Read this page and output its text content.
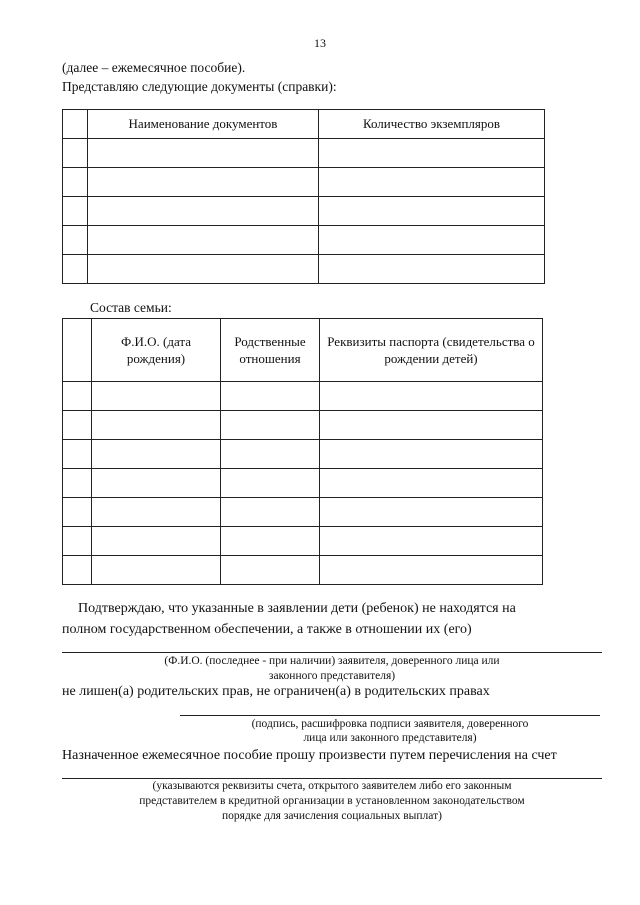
13
(далее – ежемесячное пособие).
Представляю следующие документы (справки):
	Наименование документов	Количество экземпляров

Состав семьи:
	Ф.И.О. (дата рождения)	Родственные отношения	Реквизиты паспорта (свидетельства о рождении детей)

Подтверждаю, что указанные в заявлении дети (ребенок) не находятся на
полном государственном обеспечении, а также в отношении их (его)
(Ф.И.О. (последнее - при наличии) заявителя, доверенного лица или
законного представителя)
не лишен(а) родительских прав, не ограничен(а) в родительских правах
(подпись, расшифровка подписи заявителя, доверенного
лица или законного представителя)
Назначенное ежемесячное пособие прошу произвести путем перечисления на счет
(указываются реквизиты счета, открытого заявителем либо его законным
представителем в кредитной организации в установленном законодательством
порядке для зачисления социальных выплат)
